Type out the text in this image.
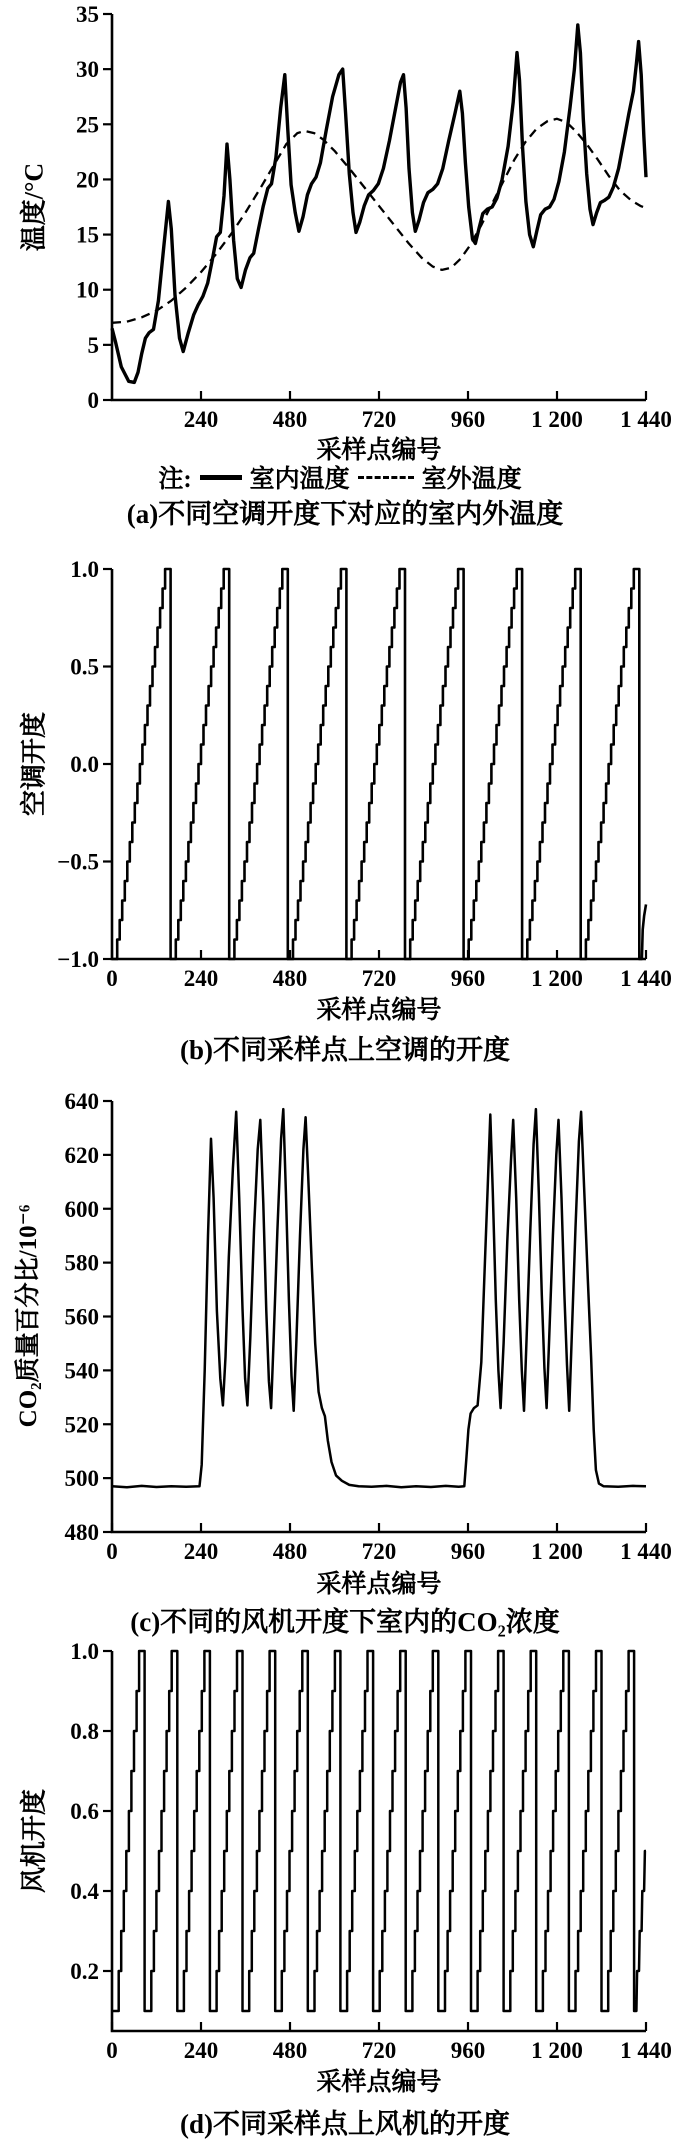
0
5
10
15
20
25
30
35
240 480 720 960 1 200 1 440
温度/°C
采样点编号
注: 室内温度	室外温度
(a)不同空调开度下对应的室内外温度
1.0
0.5
0.0
−0.5
−1.0
0	240 480 720 960 1 200 1 440
空调开度
采样点编号
(b)不同采样点上空调的开度
480
500
520
540
560
580
600
620
640
0	240 480 720 960 1 200 1 440
CO₂质量百分比/10⁻⁶
采样点编号
(c)不同的风机开度下室内的CO₂浓度
1.0
0.8
0.6
0.4
0.2
0	240 480 720 960 1 200 1 440
风机开度
采样点编号
(d)不同采样点上风机的开度
